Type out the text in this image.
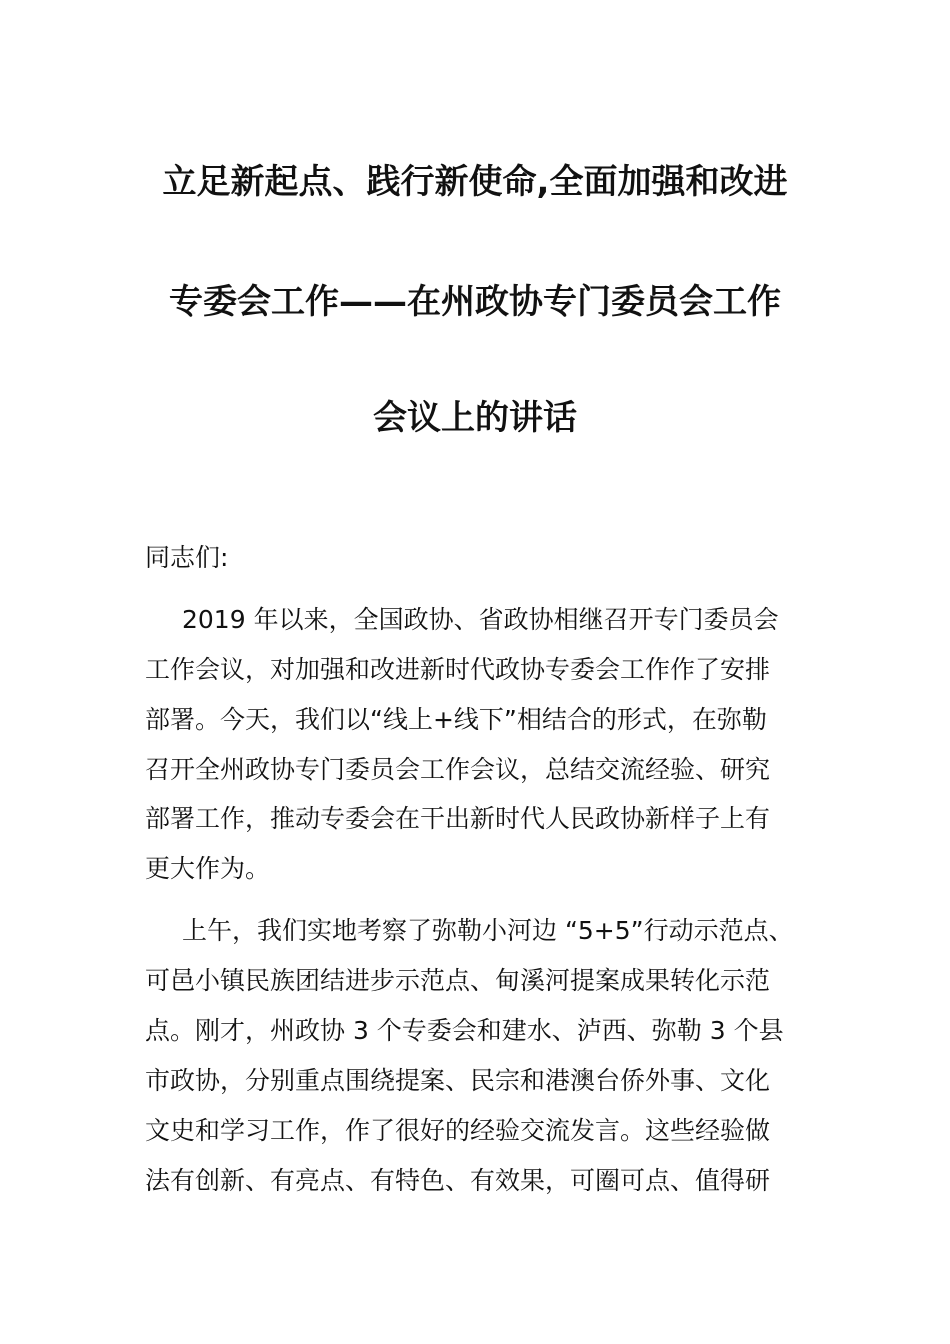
立足新起点、践行新使命,全面加强和改进
专委会工作——在州政协专门委员会工作
会议上的讲话
同志们:
2019 年以来，全国政协、省政协相继召开专门委员会
工作会议，对加强和改进新时代政协专委会工作作了安排
部署。今天，我们以“线上+线下”相结合的形式，在弥勒
召开全州政协专门委员会工作会议，总结交流经验、研究
部署工作，推动专委会在干出新时代人民政协新样子上有
更大作为。
上午，我们实地考察了弥勒小河边 “5+5”行动示范点、
可邑小镇民族团结进步示范点、甸溪河提案成果转化示范
点。刚才，州政协 3 个专委会和建水、泸西、弥勒 3 个县
市政协，分别重点围绕提案、民宗和港澳台侨外事、文化
文史和学习工作，作了很好的经验交流发言。这些经验做
法有创新、有亮点、有特色、有效果，可圈可点、值得研
